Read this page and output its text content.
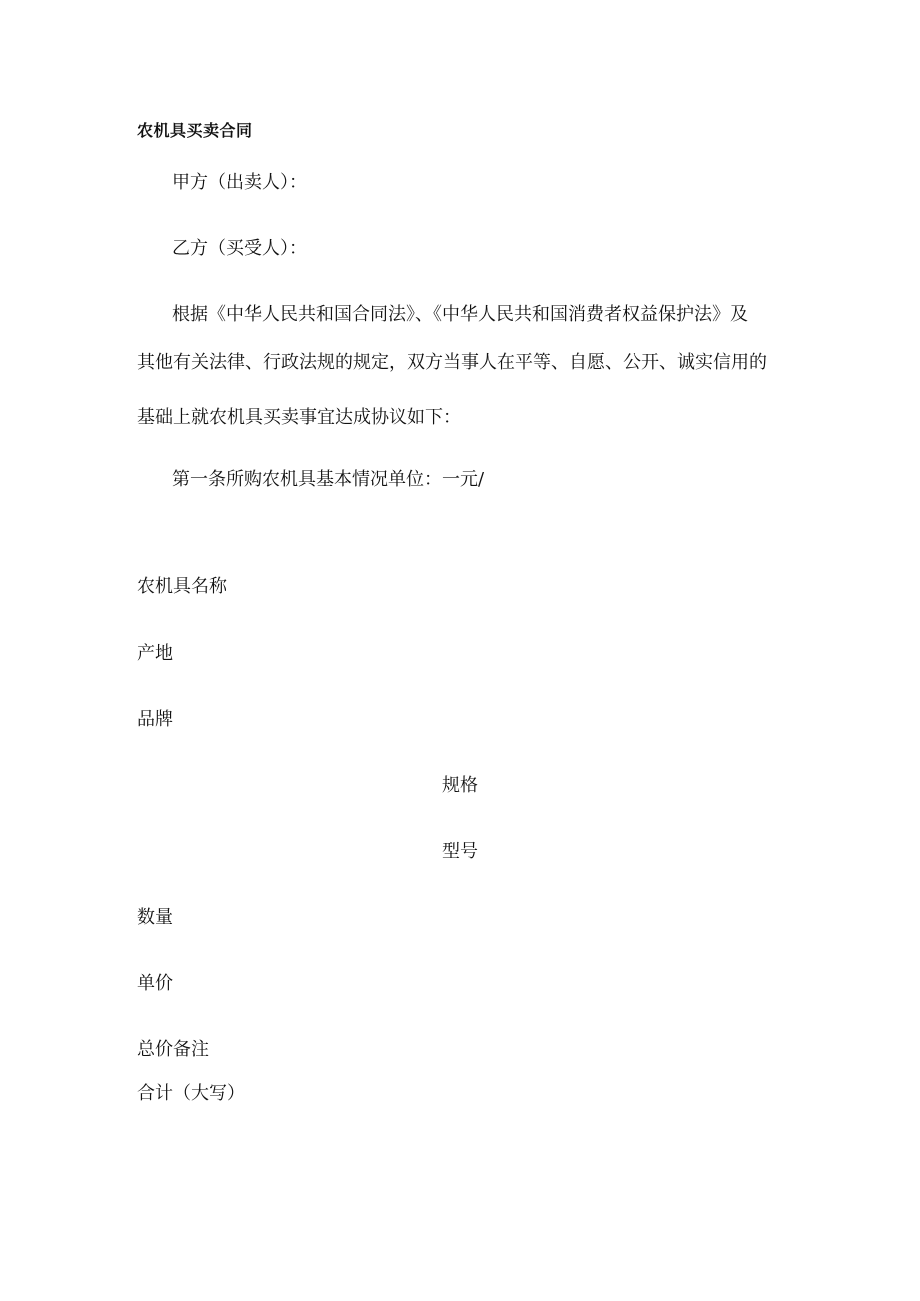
农机具买卖合同

甲方（出卖人）：

乙方（买受人）：

根据《中华人民共和国合同法》、《中华人民共和国消费者权益保护法》及

其他有关法律、行政法规的规定，双方当事人在平等、自愿、公开、诚实信用的

基础上就农机具买卖事宜达成协议如下：

第一条所购农机具基本情况单位：一元/

农机具名称

产地

品牌

规格

型号

数量

单价

总价备注

合计（大写）
